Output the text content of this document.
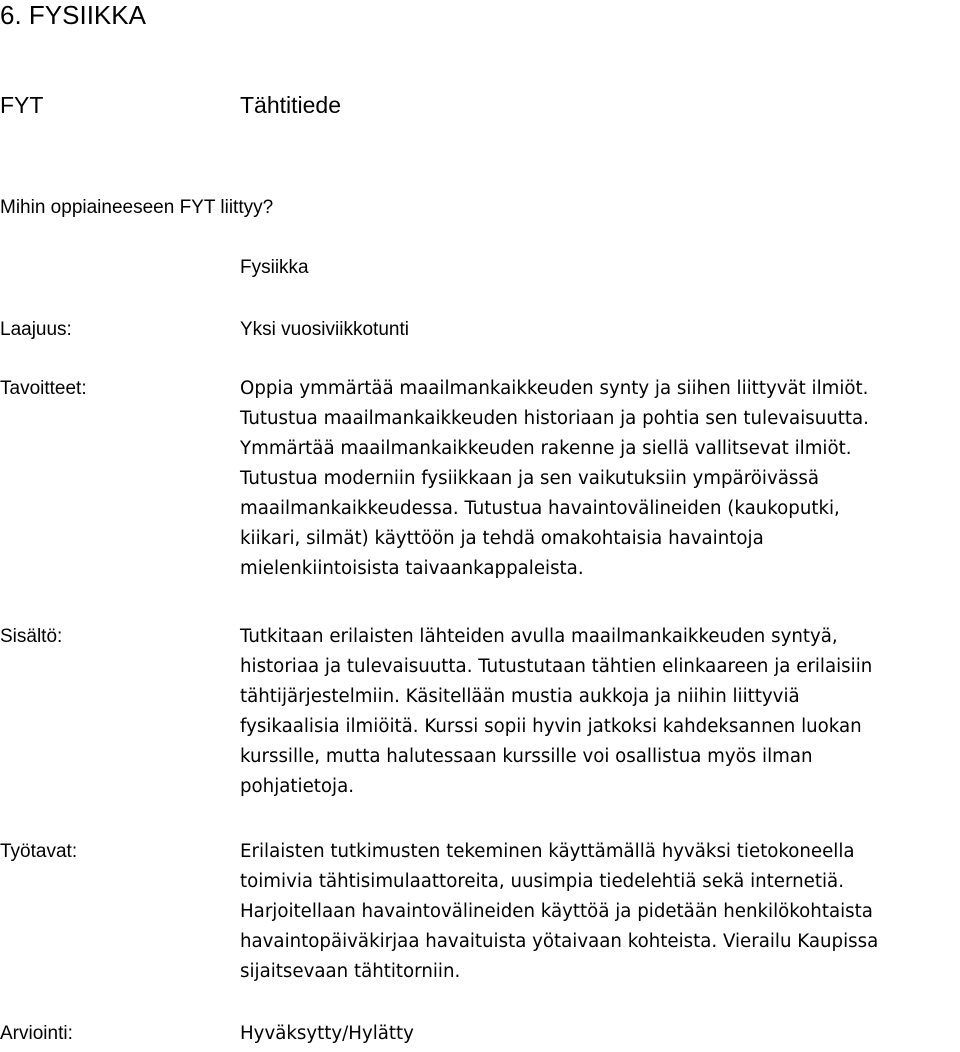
6. FYSIIKKA
FYT	Tähtitiede
Mihin oppiaineeseen FYT liittyy?
Fysiikka
Laajuus:	Yksi vuosiviikkotunti
Tavoitteet:	Oppia ymmärtää maailmankaikkeuden synty ja siihen liittyvät ilmiöt.

Tutustua maailmankaikkeuden historiaan ja pohtia sen tulevaisuutta.

Ymmärtää maailmankaikkeuden rakenne ja siellä vallitsevat ilmiöt.

Tutustua moderniin fysiikkaan ja sen vaikutuksiin ympäröivässä

maailmankaikkeudessa. Tutustua havaintovälineiden (kaukoputki,

kiikari, silmät) käyttöön ja tehdä omakohtaisia havaintoja

mielenkiintoisista taivaankappaleista.

Sisältö:	Tutkitaan erilaisten lähteiden avulla maailmankaikkeuden syntyä,

historiaa ja tulevaisuutta. Tutustutaan tähtien elinkaareen ja erilaisiin

tähtijärjestelmiin. Käsitellään mustia aukkoja ja niihin liittyviä

fysikaalisia ilmiöitä. Kurssi sopii hyvin jatkoksi kahdeksannen luokan

kurssille, mutta halutessaan kurssille voi osallistua myös ilman

pohjatietoja.

Työtavat:	Erilaisten tutkimusten tekeminen käyttämällä hyväksi tietokoneella

toimivia tähtisimulaattoreita, uusimpia tiedelehtiä sekä internetiä.

Harjoitellaan havaintovälineiden käyttöä ja pidetään henkilökohtaista

havaintopäiväkirjaa havaituista yötaivaan kohteista. Vierailu Kaupissa

sijaitsevaan tähtitorniin.

Arviointi:	Hyväksytty/Hylätty
